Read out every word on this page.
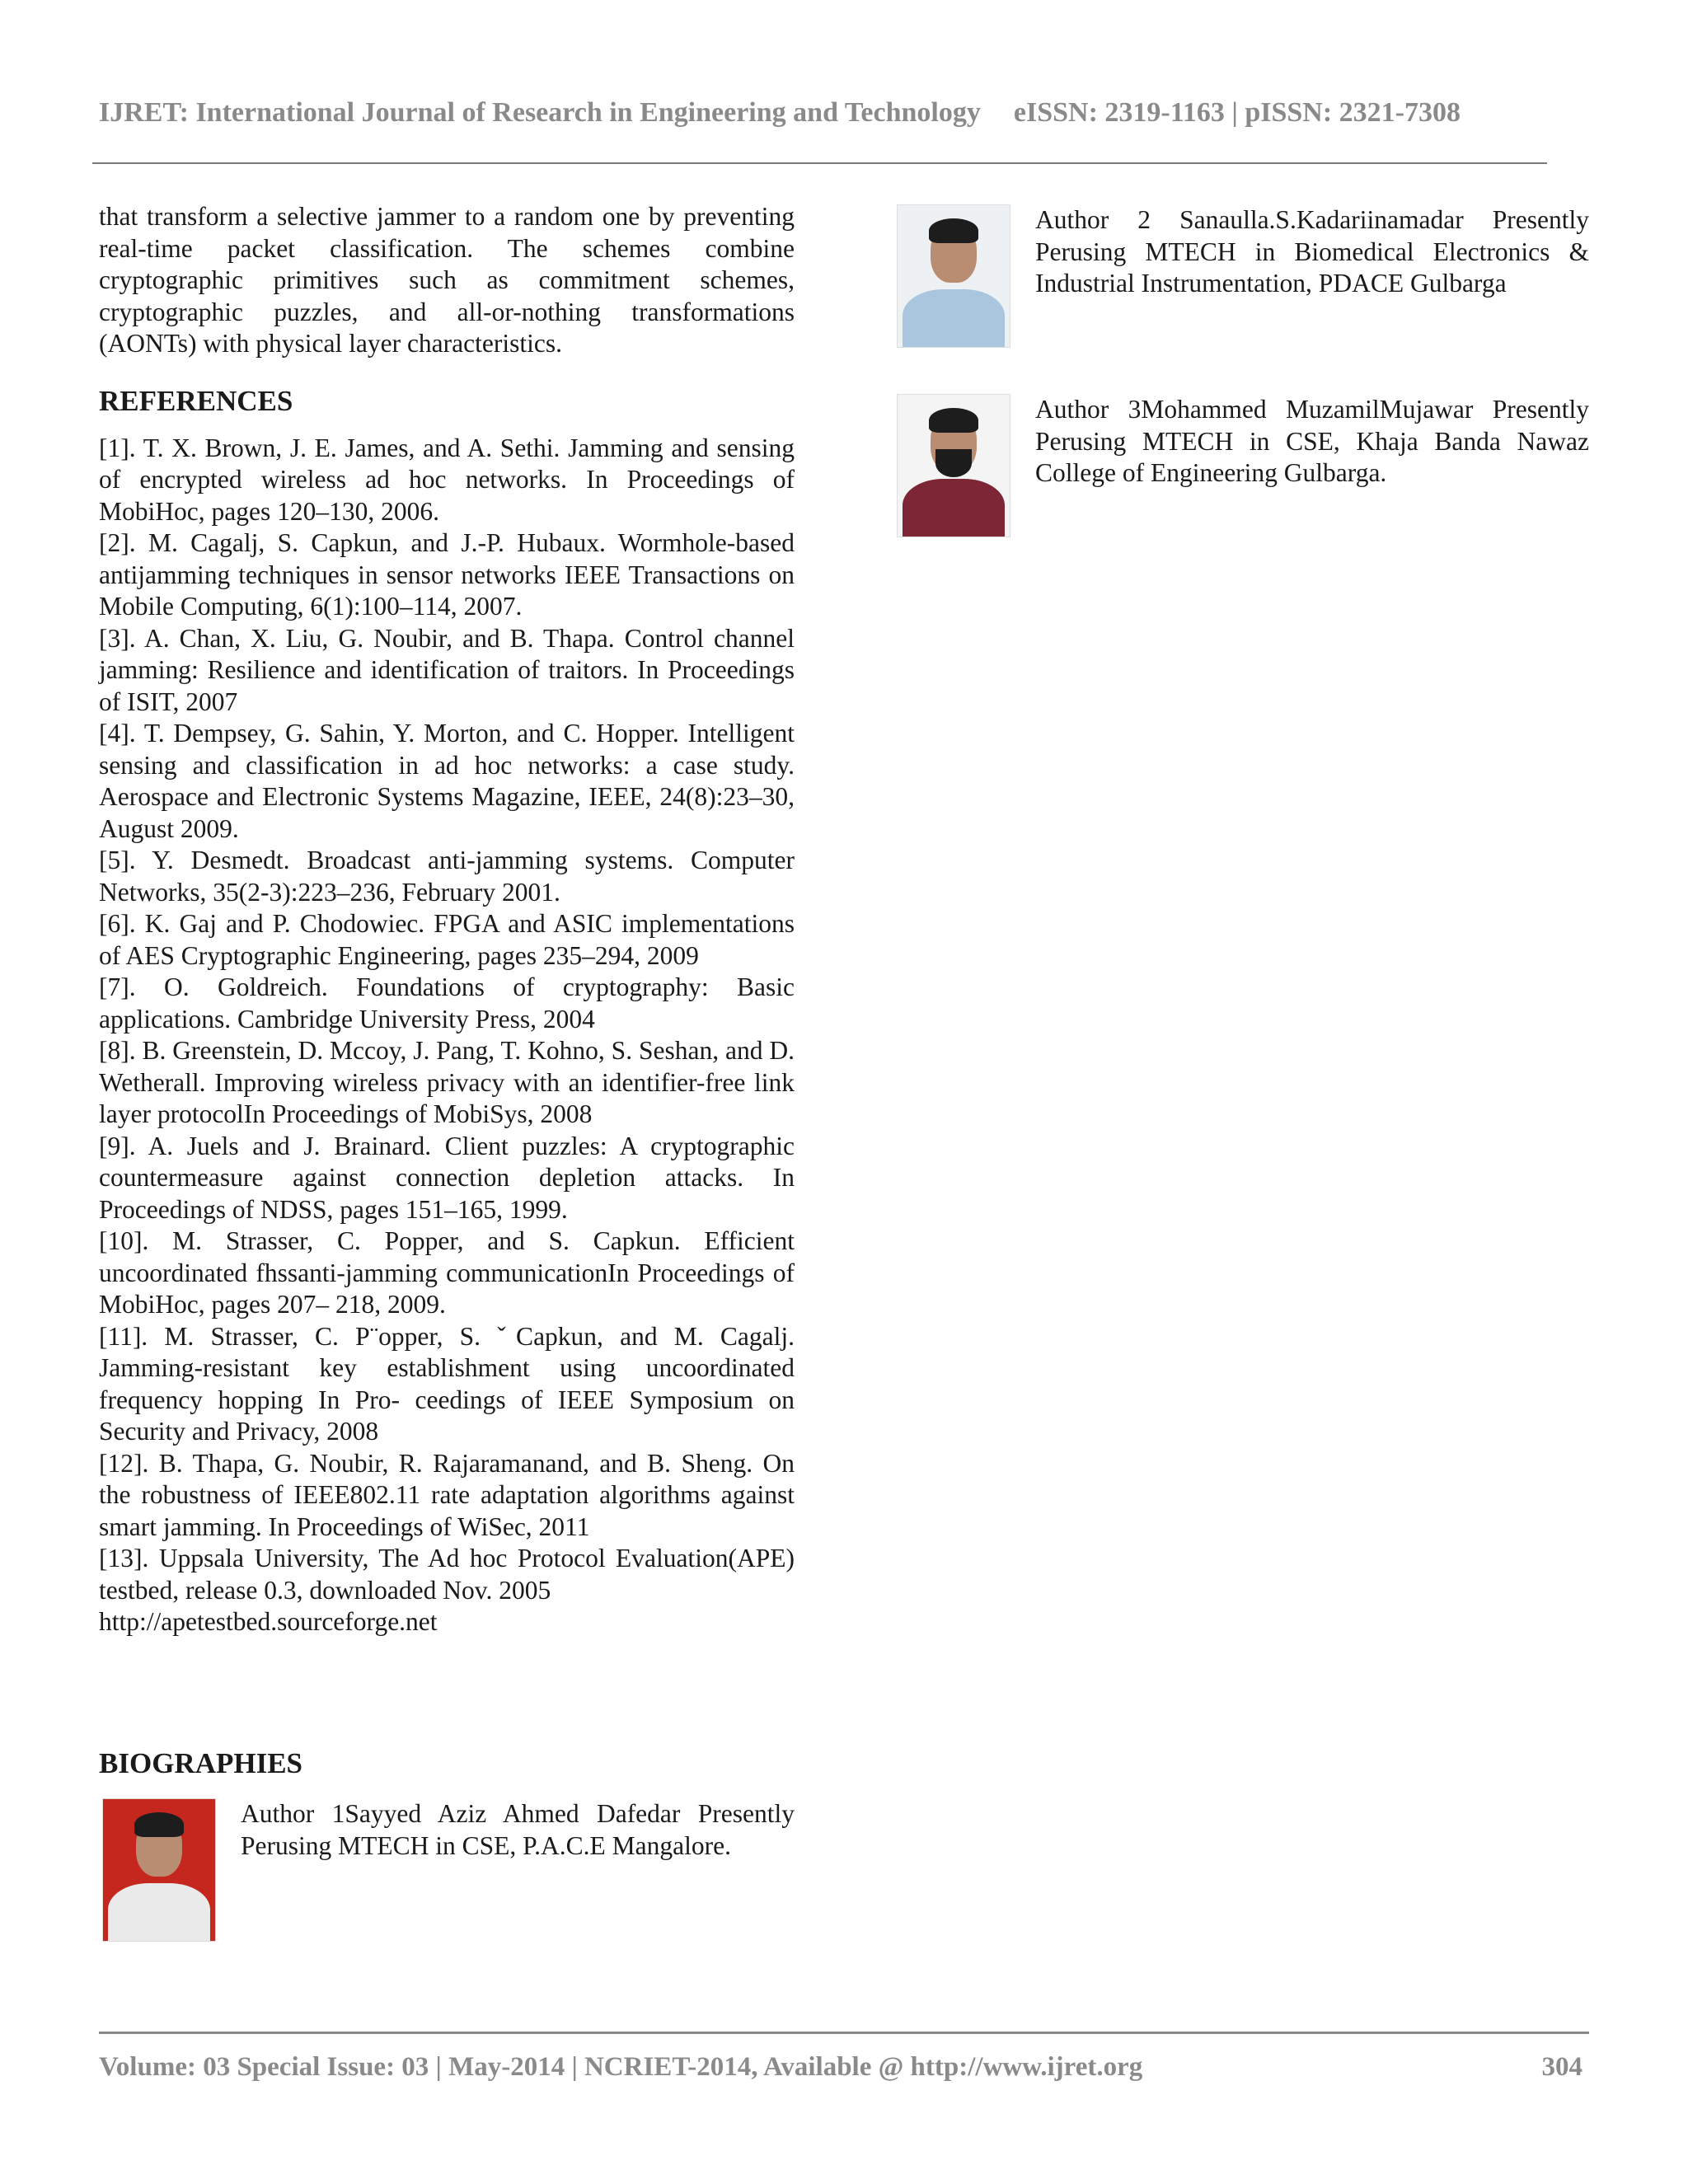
IJRET: International Journal of Research in Engineering and Technology eISSN: 2319-1163 | pISSN: 2321-7308

that transform a selective jammer to a random one by preventing real-time packet classification. The schemes combine cryptographic primitives such as commitment schemes, cryptographic puzzles, and all-or-nothing transformations (AONTs) with physical layer characteristics.

REFERENCES

[1]. T. X. Brown, J. E. James, and A. Sethi. Jamming and sensing of encrypted wireless ad hoc networks. In Proceedings of MobiHoc, pages 120–130, 2006.

[2]. M. Cagalj, S. Capkun, and J.-P. Hubaux. Wormhole-based antijamming techniques in sensor networks IEEE Transactions on Mobile Computing, 6(1):100–114, 2007.

[3]. A. Chan, X. Liu, G. Noubir, and B. Thapa. Control channel jamming: Resilience and identification of traitors. In Proceedings of ISIT, 2007

[4]. T. Dempsey, G. Sahin, Y. Morton, and C. Hopper. Intelligent sensing and classification in ad hoc networks: a case study. Aerospace and Electronic Systems Magazine, IEEE, 24(8):23–30, August 2009.

[5]. Y. Desmedt. Broadcast anti-jamming systems. Computer Networks, 35(2-3):223–236, February 2001.

[6]. K. Gaj and P. Chodowiec. FPGA and ASIC implementations of AES Cryptographic Engineering, pages 235–294, 2009

[7]. O. Goldreich. Foundations of cryptography: Basic applications. Cambridge University Press, 2004

[8]. B. Greenstein, D. Mccoy, J. Pang, T. Kohno, S. Seshan, and D. Wetherall. Improving wireless privacy with an identifier-free link layer protocolIn Proceedings of MobiSys, 2008

[9]. A. Juels and J. Brainard. Client puzzles: A cryptographic countermeasure against connection depletion attacks. In Proceedings of NDSS, pages 151–165, 1999.

[10]. M. Strasser, C. Popper, and S. Capkun. Efficient uncoordinated fhssanti-jamming communicationIn Proceedings of MobiHoc, pages 207– 218, 2009.

[11]. M. Strasser, C. P¨opper, S. ˇCapkun, and M. Cagalj. Jamming-resistant key establishment using uncoordinated frequency hopping In Pro- ceedings of IEEE Symposium on Security and Privacy, 2008

[12]. B. Thapa, G. Noubir, R. Rajaramanand, and B. Sheng. On the robustness of IEEE802.11 rate adaptation algorithms against smart jamming. In Proceedings of WiSec, 2011

[13]. Uppsala University, The Ad hoc Protocol Evaluation(APE) testbed, release 0.3, downloaded Nov. 2005

http://apetestbed.sourceforge.net

BIOGRAPHIES

Author 1Sayyed Aziz Ahmed Dafedar Presently Perusing MTECH in CSE, P.A.C.E Mangalore.

Author 2 Sanaulla.S.Kadariinamadar Presently Perusing MTECH in Biomedical Electronics & Industrial Instrumentation, PDACE Gulbarga

Author 3Mohammed MuzamilMujawar Presently Perusing MTECH in CSE, Khaja Banda Nawaz College of Engineering Gulbarga.

Volume: 03 Special Issue: 03 | May-2014 | NCRIET-2014, Available @ http://www.ijret.org	304
